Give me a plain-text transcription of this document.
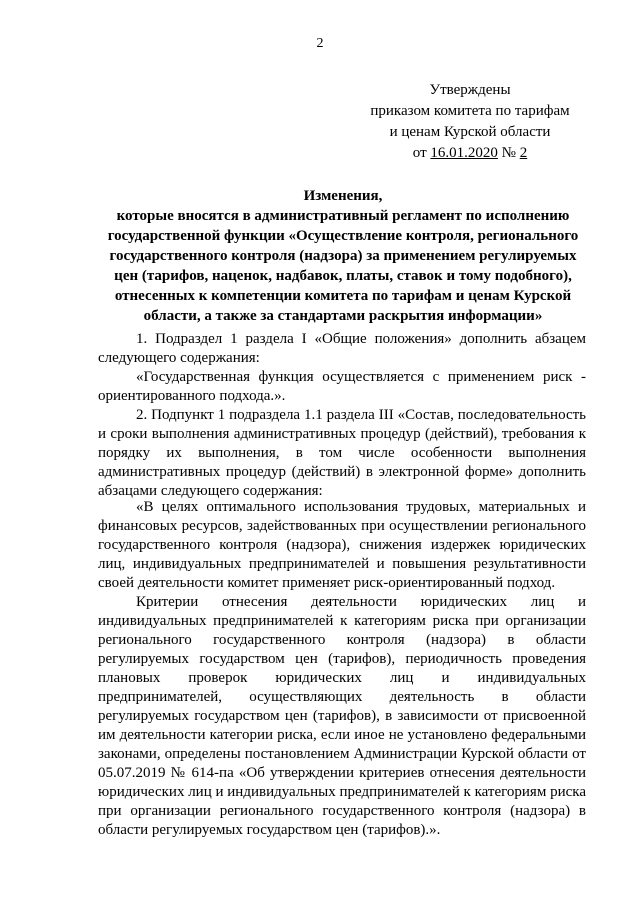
2
Утверждены
приказом комитета по тарифам
и ценам Курской области
от 16.01.2020 № 2
Изменения,
которые вносятся в административный регламент по исполнению
государственной функции «Осуществление контроля, регионального
государственного контроля (надзора) за применением регулируемых
цен (тарифов, наценок, надбавок, платы, ставок и тому подобного),
отнесенных к компетенции комитета по тарифам и ценам Курской
области, а также за стандартами раскрытия информации»

1. Подраздел 1 раздела I «Общие положения» дополнить абзацем следующего содержания:

«Государственная функция осуществляется с применением риск - ориентированного подхода.».

2. Подпункт 1 подраздела 1.1 раздела III «Состав, последовательность и сроки выполнения административных процедур (действий), требования к порядку их выполнения, в том числе особенности выполнения административных процедур (действий) в электронной форме» дополнить абзацами следующего содержания:

«В целях оптимального использования трудовых, материальных и финансовых ресурсов, задействованных при осуществлении регионального государственного контроля (надзора), снижения издержек юридических лиц, индивидуальных предпринимателей и повышения результативности своей деятельности комитет применяет риск-ориентированный подход.

Критерии отнесения деятельности юридических лиц и индивидуальных предпринимателей к категориям риска при организации регионального государственного контроля (надзора) в области регулируемых государством цен (тарифов), периодичность проведения плановых проверок юридических лиц и индивидуальных предпринимателей, осуществляющих деятельность в области регулируемых государством цен (тарифов), в зависимости от присвоенной им деятельности категории риска, если иное не установлено федеральными законами, определены постановлением Администрации Курской области от 05.07.2019 № 614-па «Об утверждении критериев отнесения деятельности юридических лиц и индивидуальных предпринимателей к категориям риска при организации регионального государственного контроля (надзора) в области регулируемых государством цен (тарифов).».
